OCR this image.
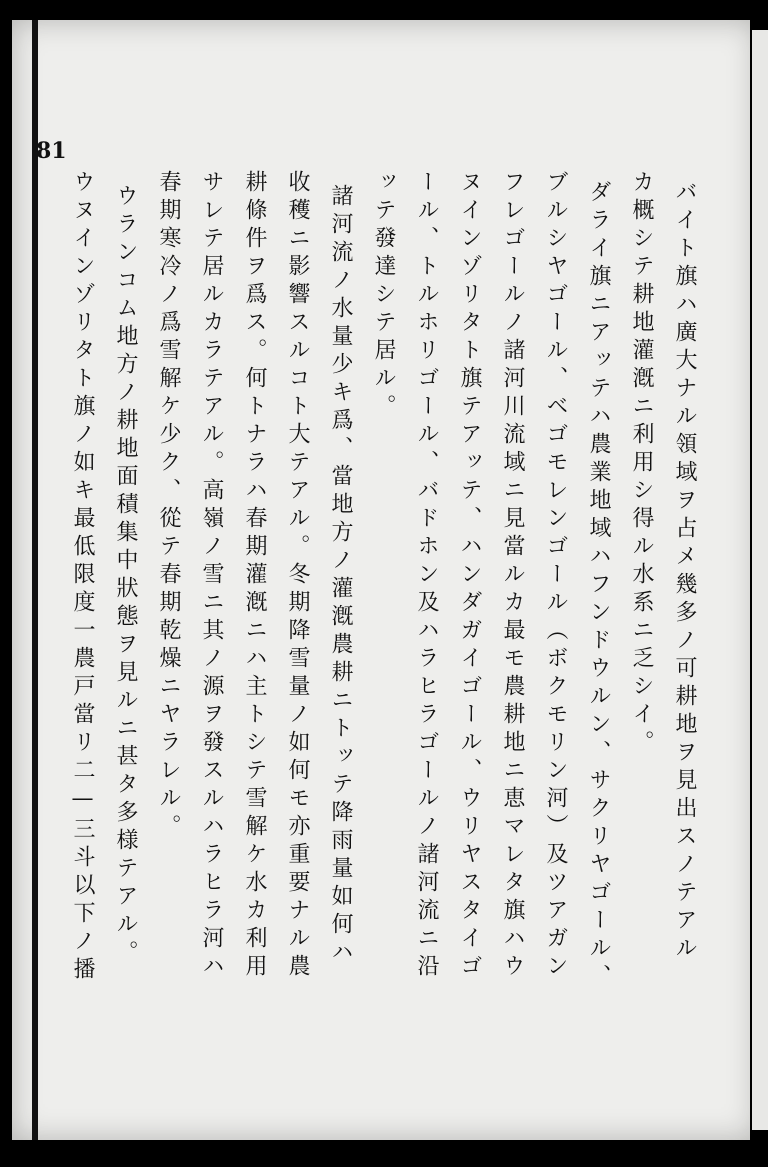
81
バイト旗ハ廣大ナル領域ヲ占メ幾多ノ可耕地ヲ見出スノテアル
カ概シテ耕地灌漑ニ利用シ得ル水系ニ乏シイ。
ダライ旗ニアッテハ農業地域ハフンドウルン、サクリヤゴール、
ブルシヤゴール、ベゴモレンゴール（ボクモリン河）及ツアガン
フレゴールノ諸河川流域ニ見當ルカ最モ農耕地ニ恵マレタ旗ハウ
ヌインゾリタト旗テアッテ、ハンダガイゴール、ウリヤスタイゴ
ール、トルホリゴール、バドホン及ハラヒラゴールノ諸河流ニ沿
ッテ發達シテ居ル。
諸河流ノ水量少キ爲、當地方ノ灌漑農耕ニトッテ降雨量如何ハ
收穫ニ影響スルコト大テアル。冬期降雪量ノ如何モ亦重要ナル農
耕條件ヲ爲ス。何トナラハ春期灌漑ニハ主トシテ雪解ケ水カ利用
サレテ居ルカラテアル。高嶺ノ雪ニ其ノ源ヲ發スルハラヒラ河ハ
春期寒冷ノ爲雪解ケ少ク、從テ春期乾燥ニヤラレル。
ウランコム地方ノ耕地面積集中狀態ヲ見ルニ甚タ多様テアル。
ウヌインゾリタト旗ノ如キ最低限度一農戸當リ二—三斗以下ノ播
